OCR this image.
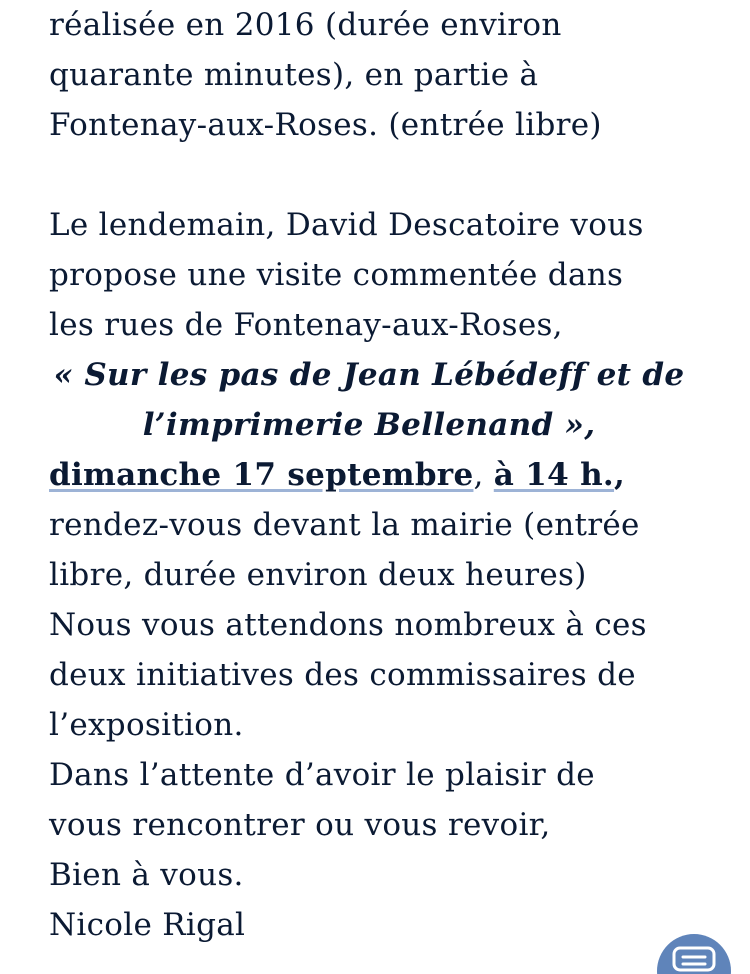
réalisée en 2016 (durée environ
quarante minutes), en partie à
Fontenay-aux-Roses. (entrée libre)
Le lendemain, David Descatoire vous
propose une visite commentée dans
les rues de Fontenay-aux-Roses,
« Sur les pas de Jean Lébédeff et de
l’imprimerie Bellenand »,
dimanche 17 septembre, à 14 h.,
rendez-vous devant la mairie (entrée
libre, durée environ deux heures)
Nous vous attendons nombreux à ces
deux initiatives des commissaires de
l’exposition.
Dans l’attente d’avoir le plaisir de
vous rencontrer ou vous revoir,
Bien à vous.
Nicole Rigal
